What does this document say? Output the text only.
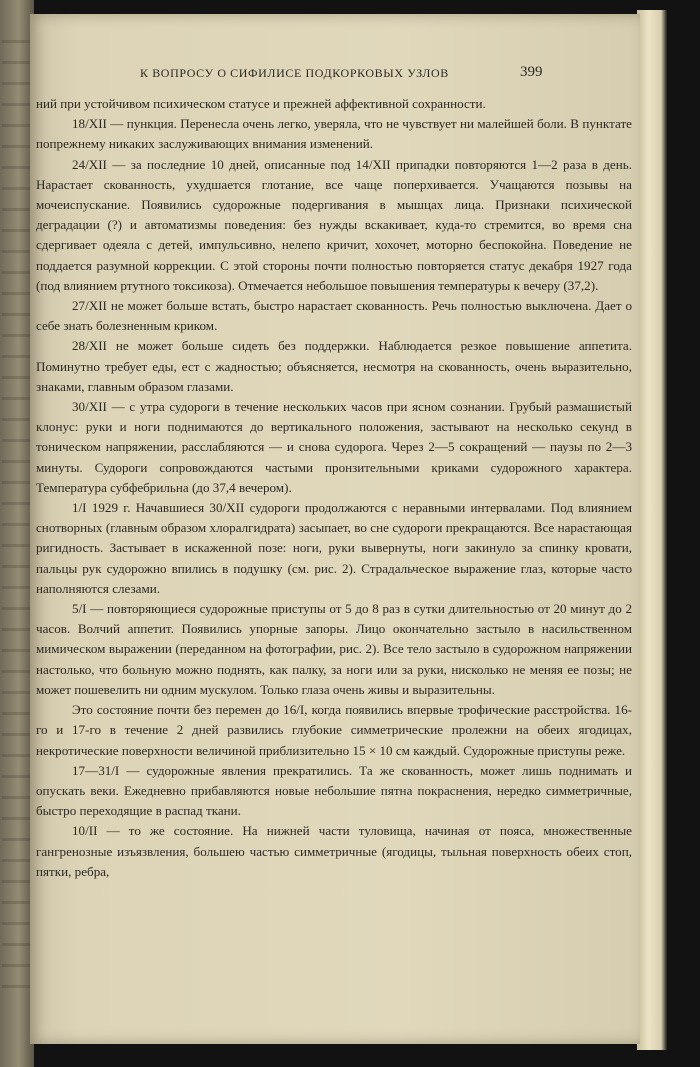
К ВОПРОСУ О СИФИЛИСЕ ПОДКОРКОВЫХ УЗЛОВ	399

ний при устойчивом психическом статусе и прежней аффективной сохранности.

18/XII — пункция. Перенесла очень легко, уверяла, что не чувствует ни малейшей боли. В пунктате попрежнему никаких заслуживающих внимания изменений.

24/XII — за последние 10 дней, описанные под 14/XII припадки повторяются 1—2 раза в день. Нарастает скованность, ухудшается глотание, все чаще поперхивается. Учащаются позывы на мочеиспускание. Появились судорожные подергивания в мышцах лица. Признаки психической деградации (?) и автоматизмы поведения: без нужды вскакивает, куда-то стремится, во время сна сдергивает одеяла с детей, импульсивно, нелепо кричит, хохочет, моторно беспокойна. Поведение не поддается разумной коррекции. С этой стороны почти полностью повторяется статус декабря 1927 года (под влиянием ртутного токсикоза). Отмечается небольшое повышения температуры к вечеру (37,2).

27/XII не может больше встать, быстро нарастает скованность. Речь полностью выключена. Дает о себе знать болезненным криком.

28/XII не может больше сидеть без поддержки. Наблюдается резкое повышение аппетита. Поминутно требует еды, ест с жадностью; объясняется, несмотря на скованность, очень выразительно, знаками, главным образом глазами.

30/XII — с утра судороги в течение нескольких часов при ясном сознании. Грубый размашистый клонус: руки и ноги поднимаются до вертикального положения, застывают на несколько секунд в тоническом напряжении, расслабляются — и снова судорога. Через 2—5 сокращений — паузы по 2—3 минуты. Судороги сопровождаются частыми пронзительными криками судорожного характера. Температура субфебрильна (до 37,4 вечером).

1/I 1929 г. Начавшиеся 30/XII судороги продолжаются с неравными интервалами. Под влиянием снотворных (главным образом хлоралгидрата) засыпает, во сне судороги прекращаются. Все нарастающая ригидность. Застывает в искаженной позе: ноги, руки вывернуты, ноги закинуло за спинку кровати, пальцы рук судорожно впились в подушку (см. рис. 2). Страдальческое выражение глаз, которые часто наполняются слезами.

5/I — повторяющиеся судорожные приступы от 5 до 8 раз в сутки длительностью от 20 минут до 2 часов. Волчий аппетит. Появились упорные запоры. Лицо окончательно застыло в насильственном мимическом выражении (переданном на фотографии, рис. 2). Все тело застыло в судорожном напряжении настолько, что больную можно поднять, как палку, за ноги или за руки, нисколько не меняя ее позы; не может пошевелить ни одним мускулом. Только глаза очень живы и выразительны.

Это состояние почти без перемен до 16/I, когда появились впервые трофические расстройства. 16-го и 17-го в течение 2 дней развились глубокие симметрические пролежни на обеих ягодицах, некротические поверхности величиной приблизительно 15 × 10 см каждый. Судорожные приступы реже.

17—31/I — судорожные явления прекратились. Та же скованность, может лишь поднимать и опускать веки. Ежедневно прибавляются новые небольшие пятна покраснения, нередко симметричные, быстро переходящие в распад ткани.

10/II — то же состояние. На нижней части туловища, начиная от пояса, множественные гангренозные изъязвления, большею частью симметричные (ягодицы, тыльная поверхность обеих стоп, пятки, ребра,
